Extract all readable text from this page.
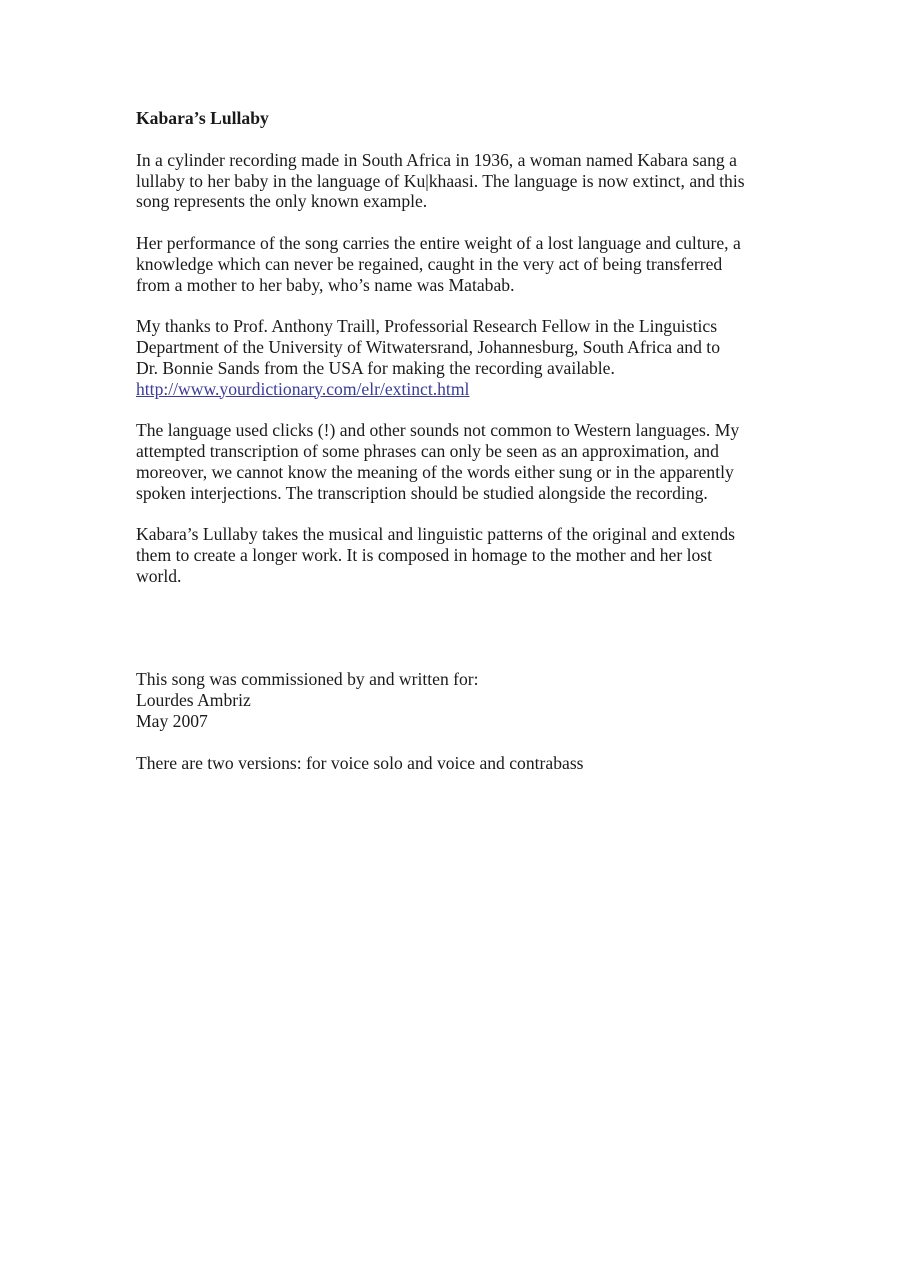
Kabara’s Lullaby

In a cylinder recording made in South Africa in 1936, a woman named Kabara sang a
lullaby to her baby in the language of Ku|khaasi. The language is now extinct, and this
song represents the only known example.

Her performance of the song carries the entire weight of a lost language and culture, a
knowledge which can never be regained, caught in the very act of being transferred
from a mother to her baby, who’s name was Matabab.

My thanks to Prof. Anthony Traill, Professorial Research Fellow in the Linguistics
Department of the University of Witwatersrand, Johannesburg, South Africa and to
Dr. Bonnie Sands from the USA for making the recording available.
http://www.yourdictionary.com/elr/extinct.html

The language used clicks (!) and other sounds not common to Western languages. My
attempted transcription of some phrases can only be seen as an approximation, and
moreover, we cannot know the meaning of the words either sung or in the apparently
spoken interjections. The transcription should be studied alongside the recording.

Kabara’s Lullaby takes the musical and linguistic patterns of the original and extends
them to create a longer work. It is composed in homage to the mother and her lost
world.

This song was commissioned by and written for:
Lourdes Ambriz
May 2007

There are two versions: for voice solo and voice and contrabass
